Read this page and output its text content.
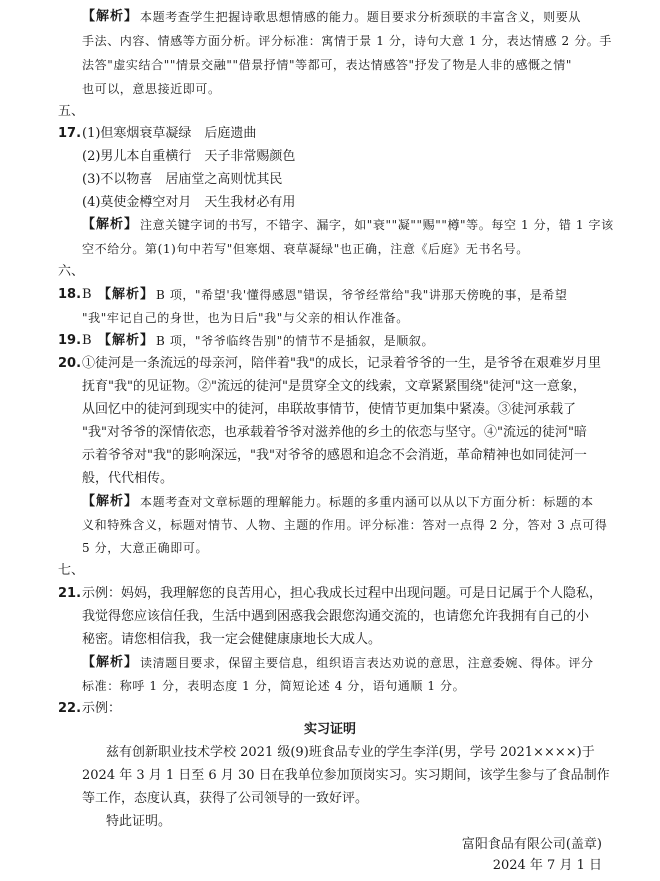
【解析】 本题考查学生把握诗歌思想情感的能力。题目要求分析颈联的丰富含义，则要从
手法、内容、情感等方面分析。评分标准：寓情于景 1 分，诗句大意 1 分，表达情感 2 分。手
法答"虚实结合""情景交融""借景抒情"等都可，表达情感答"抒发了物是人非的感慨之情"
也可以，意思接近即可。
五、
17. (1)但寒烟衰草凝绿　后庭遗曲
(2)男儿本自重横行　天子非常赐颜色
(3)不以物喜　居庙堂之高则忧其民
(4)莫使金樽空对月　天生我材必有用
【解析】 注意关键字词的书写，不错字、漏字，如"衰""凝""赐""樽"等。每空 1 分，错 1 字该
空不给分。第(1)句中若写"但寒烟、衰草凝绿"也正确，注意《后庭》无书名号。
六、
18. B 【解析】 B 项，"希望'我'懂得感恩"错误，爷爷经常给"我"讲那天傍晚的事，是希望
"我"牢记自己的身世，也为日后"我"与父亲的相认作准备。
19. B 【解析】 B 项，"爷爷临终告别"的情节不是插叙，是顺叙。
20. ①徒河是一条流远的母亲河，陪伴着"我"的成长，记录着爷爷的一生，是爷爷在艰难岁月里
抚育"我"的见证物。②"流远的徒河"是贯穿全文的线索，文章紧紧围绕"徒河"这一意象，
从回忆中的徒河到现实中的徒河，串联故事情节，使情节更加集中紧凑。③徒河承载了
"我"对爷爷的深情依恋，也承载着爷爷对滋养他的乡土的依恋与坚守。④"流远的徒河"暗
示着爷爷对"我"的影响深远，"我"对爷爷的感恩和追念不会消逝，革命精神也如同徒河一
般，代代相传。
【解析】 本题考查对文章标题的理解能力。标题的多重内涵可以从以下方面分析：标题的本
义和特殊含义，标题对情节、人物、主题的作用。评分标准：答对一点得 2 分，答对 3 点可得
5 分，大意正确即可。
七、
21. 示例：妈妈，我理解您的良苦用心，担心我成长过程中出现问题。可是日记属于个人隐私，
我觉得您应该信任我，生活中遇到困惑我会跟您沟通交流的，也请您允许我拥有自己的小
秘密。请您相信我，我一定会健健康康地长大成人。
【解析】 读清题目要求，保留主要信息，组织语言表达劝说的意思，注意委婉、得体。评分
标准：称呼 1 分，表明态度 1 分，简短论述 4 分，语句通顺 1 分。
22. 示例：
实习证明
兹有创新职业技术学校 2021 级(9)班食品专业的学生李洋(男，学号 2021××××)于
2024 年 3 月 1 日至 6 月 30 日在我单位参加顶岗实习。实习期间，该学生参与了食品制作
等工作，态度认真，获得了公司领导的一致好评。
特此证明。
富阳食品有限公司(盖章)
2024 年 7 月 1 日
